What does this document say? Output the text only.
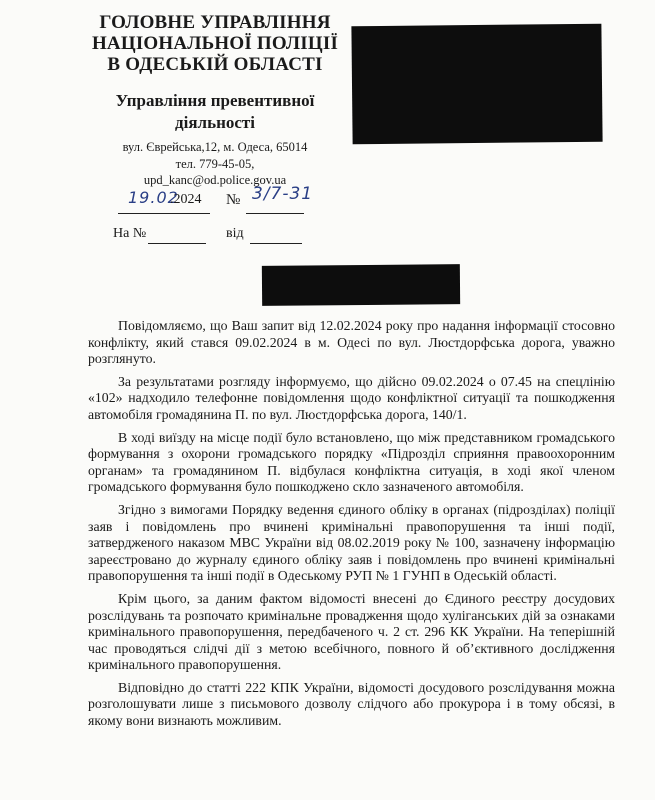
ГОЛОВНЕ УПРАВЛІННЯ
НАЦІОНАЛЬНОЇ ПОЛІЦІЇ
В ОДЕСЬКІЙ ОБЛАСТІ
Управління превентивної
діяльності
вул. Єврейська,12, м. Одеса, 65014
тел. 779-45-05,
upd_kanc@od.police.gov.ua
19.02
.2024 № 3/7-31
На №	від

Повідомляємо, що Ваш запит від 12.02.2024 року про надання інформації стосовно конфлікту, який стався 09.02.2024 в м. Одесі по вул. Люстдорфська дорога, уважно розглянуто.

За результатами розгляду інформуємо, що дійсно 09.02.2024 о 07.45 на спецлінію «102» надходило телефонне повідомлення щодо конфліктної ситуації та пошкодження автомобіля громадянина П. по вул. Люстдорфська дорога, 140/1.

В ході виїзду на місце події було встановлено, що між представником громадського формування з охорони громадського порядку «Підрозділ сприяння правоохоронним органам» та громадянином П. відбулася конфліктна ситуація, в ході якої членом громадського формування було пошкоджено скло зазначеного автомобіля.

Згідно з вимогами Порядку ведення єдиного обліку в органах (підрозділах) поліції заяв і повідомлень про вчинені кримінальні правопорушення та інші події, затвердженого наказом МВС України від 08.02.2019 року № 100, зазначену інформацію зареєстровано до журналу єдиного обліку заяв і повідомлень про вчинені кримінальні правопорушення та інші події в Одеському РУП № 1 ГУНП в Одеській області.

Крім цього, за даним фактом відомості внесені до Єдиного реєстру досудових розслідувань та розпочато кримінальне провадження щодо хуліганських дій за ознаками кримінального правопорушення, передбаченого ч. 2 ст. 296 КК України. На теперішній час проводяться слідчі дії з метою всебічного, повного й об’єктивного дослідження кримінального правопорушення.

Відповідно до статті 222 КПК України, відомості досудового розслідування можна розголошувати лише з письмового дозволу слідчого або прокурора і в тому обсязі, в якому вони визнають можливим.
